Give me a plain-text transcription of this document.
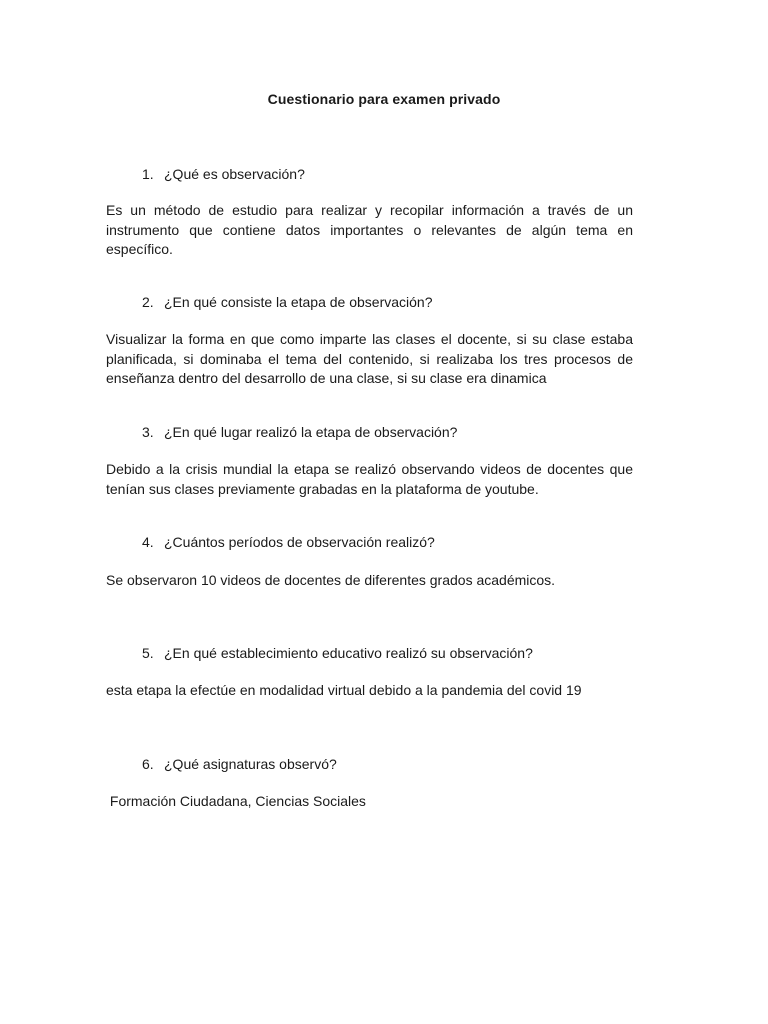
Cuestionario para examen privado
1. ¿Qué es observación?
Es un método de estudio para realizar y recopilar información a través de un instrumento que contiene datos importantes o relevantes de algún tema en específico.
2. ¿En qué consiste la etapa de observación?
Visualizar la forma en que como imparte las clases el docente, si su clase estaba planificada, si dominaba el tema del contenido, si realizaba los tres procesos de enseñanza dentro del desarrollo de una clase, si su clase era dinamica
3. ¿En qué lugar realizó la etapa de observación?
Debido a la crisis mundial la etapa se realizó observando videos de docentes que tenían sus clases previamente grabadas en la plataforma de youtube.
4. ¿Cuántos períodos de observación realizó?
Se observaron 10 videos de docentes de diferentes grados académicos.
5. ¿En qué establecimiento educativo realizó su observación?
esta etapa la efectúe en modalidad virtual debido a la pandemia del covid 19
6. ¿Qué asignaturas observó?
Formación Ciudadana, Ciencias Sociales
